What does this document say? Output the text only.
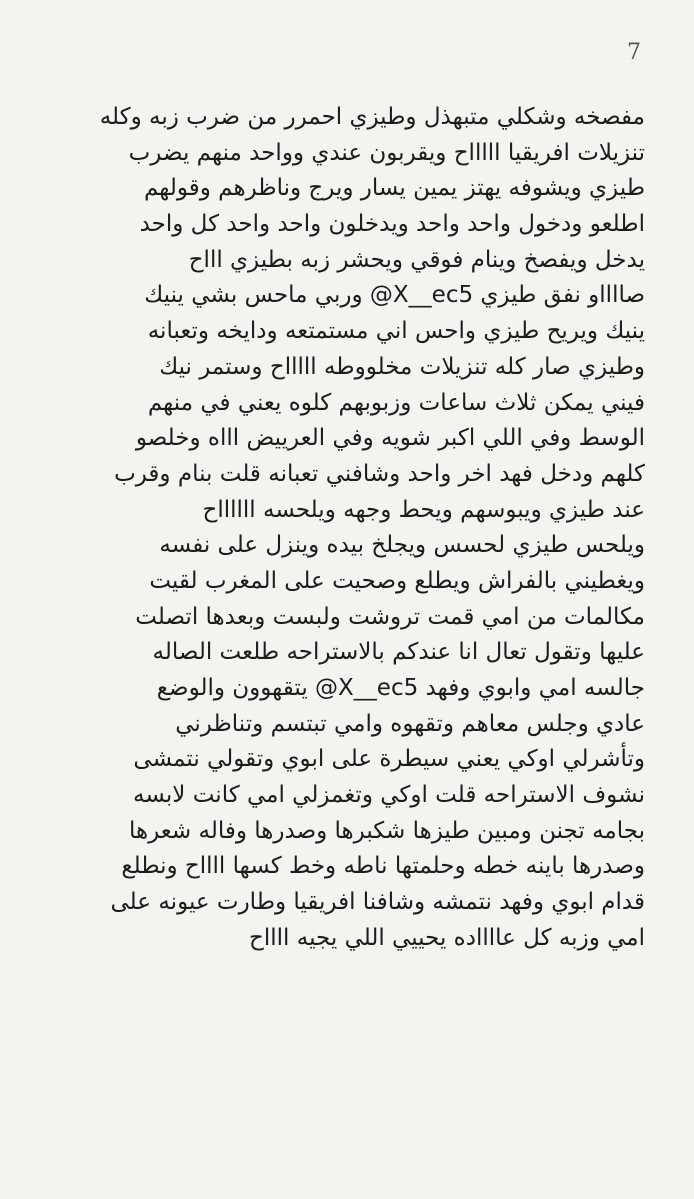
7
مفصخه وشكلي متبهذل وطيزي احمرر من ضرب زبه وكله
تنزيلات افريقيا اااااح ويقربون عندي وواحد منهم يضرب
طيزي ويشوفه يهتز يمين يسار ويرج وناظرهم وقولهم
اطلعو ودخول واحد واحد ويدخلون واحد واحد كل واحد
يدخل ويفصخ وينام فوقي ويحشر زبه بطيزي اااح
صااااو نفق طيزي X__ec5@ وربي ماحس بشي ينيك
ينيك ويريح طيزي واحس اني مستمتعه ودايخه وتعبانه
وطيزي صار كله تنزيلات مخلووطه اااااح وستمر نيك
فيني يمكن ثلاث ساعات وزبوبهم كلوه يعني في منهم
الوسط وفي اللي اكبر شويه وفي العرييض اااه وخلصو
كلهم ودخل فهد اخر واحد وشافني تعبانه قلت بنام وقرب
عند طيزي ويبوسهم ويحط وجهه ويلحسه ااااااح
ويلحس طيزي لحسس ويجلخ بيده وينزل على نفسه
ويغطيني بالفراش ويطلع وصحيت على المغرب لقيت
مكالمات من امي قمت تروشت ولبست وبعدها اتصلت
عليها وتقول تعال انا عندكم بالاستراحه طلعت الصاله
جالسه امي وابوي وفهد X__ec5@ يتقهوون والوضع
عادي وجلس معاهم وتقهوه وامي تبتسم وتناظرني
وتأشرلي اوكي يعني سيطرة على ابوي وتقولي نتمشى
نشوف الاستراحه قلت اوكي وتغمزلي امي كانت لابسه
بجامه تجنن ومبين طيزها شكبرها وصدرها وفاله شعرها
وصدرها باينه خطه وحلمتها ناطه وخط كسها ااااح ونطلع
قدام ابوي وفهد نتمشه وشافنا افريقيا وطارت عيونه على
امي وزبه كل عااااده يحييي اللي يجيه ااااح
